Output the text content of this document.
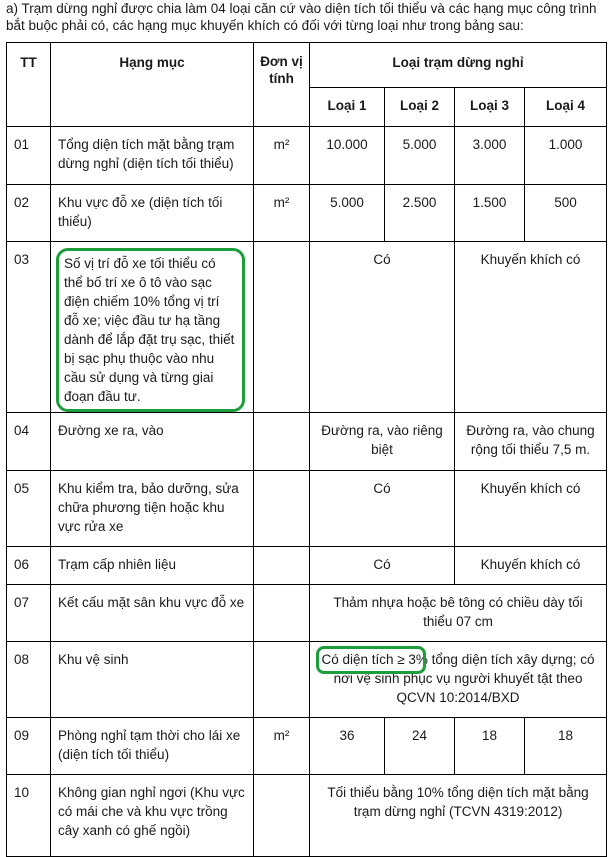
a) Trạm dừng nghỉ được chia làm 04 loại căn cứ vào diện tích tối thiểu và các hạng mục công trình bắt buộc phải có, các hạng mục khuyến khích có đối với từng loại như trong bảng sau:
TT	Hạng mục	Đơn vị tính	Loại trạm dừng nghỉ			
			Loại 1	Loại 2	Loại 3	Loại 4
01	Tổng diện tích mặt bằng trạm dừng nghỉ (diện tích tối thiểu)	m²	10.000	5.000	3.000	1.000
02	Khu vực đỗ xe (diện tích tối thiểu)	m²	5.000	2.500	1.500	500
03	Số vị trí đỗ xe tối thiểu có thể bố trí xe ô tô vào sạc điện chiếm 10% tổng vị trí đỗ xe; việc đầu tư hạ tầng dành để lắp đặt trụ sạc, thiết bị sạc phụ thuộc vào nhu cầu sử dụng và từng giai đoạn đầu tư.		Có		Khuyến khích có	
04	Đường xe ra, vào		Đường ra, vào riêng biệt		Đường ra, vào chung rộng tối thiểu 7,5 m.	
05	Khu kiểm tra, bảo dưỡng, sửa chữa phương tiện hoặc khu vực rửa xe		Có		Khuyến khích có	
06	Trạm cấp nhiên liệu		Có		Khuyến khích có	
07	Kết cấu mặt sân khu vực đỗ xe		Thảm nhựa hoặc bê tông có chiều dày tối thiểu 07 cm			
08	Khu vệ sinh		Có diện tích ≥ 3% tổng diện tích xây dựng; có nơi vệ sinh phục vụ người khuyết tật theo QCVN 10:2014/BXD			

09	Phòng nghỉ tạm thời cho lái xe (diện tích tối thiểu)	m²	36	24	18	18
10	Không gian nghỉ ngơi (Khu vực có mái che và khu vực trồng cây xanh có ghế ngồi)		Tối thiểu bằng 10% tổng diện tích mặt bằng trạm dừng nghỉ (TCVN 4319:2012)			
